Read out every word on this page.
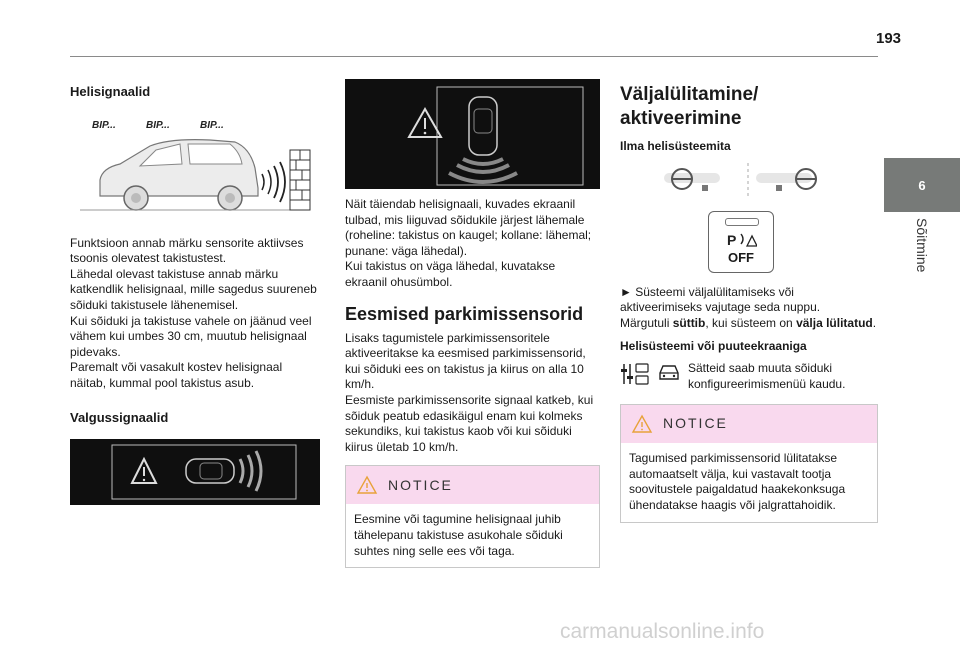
193
Helisignaalid
BIP...	BIP...	BIP...

Funktsioon annab märku sensorite aktiivses tsoonis olevatest takistustest.
Lähedal olevast takistuse annab märku katkendlik helisignaal, mille sagedus suureneb sõiduki takistusele lähenemisel.
Kui sõiduki ja takistuse vahele on jäänud veel vähem kui umbes 30 cm, muutub helisignaal pidevaks.
Paremalt või vasakult kostev helisignaal näitab, kummal pool takistus asub.

Valgussignaalid

Näit täiendab helisignaali, kuvades ekraanil tulbad, mis liiguvad sõidukile järjest lähemale (roheline: takistus on kaugel; kollane: lähemal; punane: väga lähedal).
Kui takistus on väga lähedal, kuvatakse ekraanil ohusümbol.

Eesmised parkimissensorid

Lisaks tagumistele parkimissensoritele aktiveeritakse ka eesmised parkimissensorid, kui sõiduki ees on takistus ja kiirus on alla 10 km/h.
Eesmiste parkimissensorite signaal katkeb, kui sõiduk peatub edasikäigul enam kui kolmeks sekundiks, kui takistus kaob või kui sõiduki kiirus ületab 10 km/h.

NOTICE

Eesmine või tagumine helisignaal juhib tähelepanu takistuse asukohale sõiduki suhtes ning selle ees või taga.

Väljalülitamine/
aktiveerimine
Ilma helisüsteemita
P
OFF

► Süsteemi väljalülitamiseks või aktiveerimiseks vajutage seda nuppu.

Märgutuli süttib, kui süsteem on välja lülitatud.

Helisüsteemi või puuteekraaniga

Sätteid saab muuta sõiduki konfigureerimismenüü kaudu.

NOTICE

Tagumised parkimissensorid lülitatakse automaatselt välja, kui vastavalt tootja soovitustele paigaldatud haakekonksuga ühendatakse haagis või jalgrattahoidik.

6
Sõitmine
carmanualsonline.info
